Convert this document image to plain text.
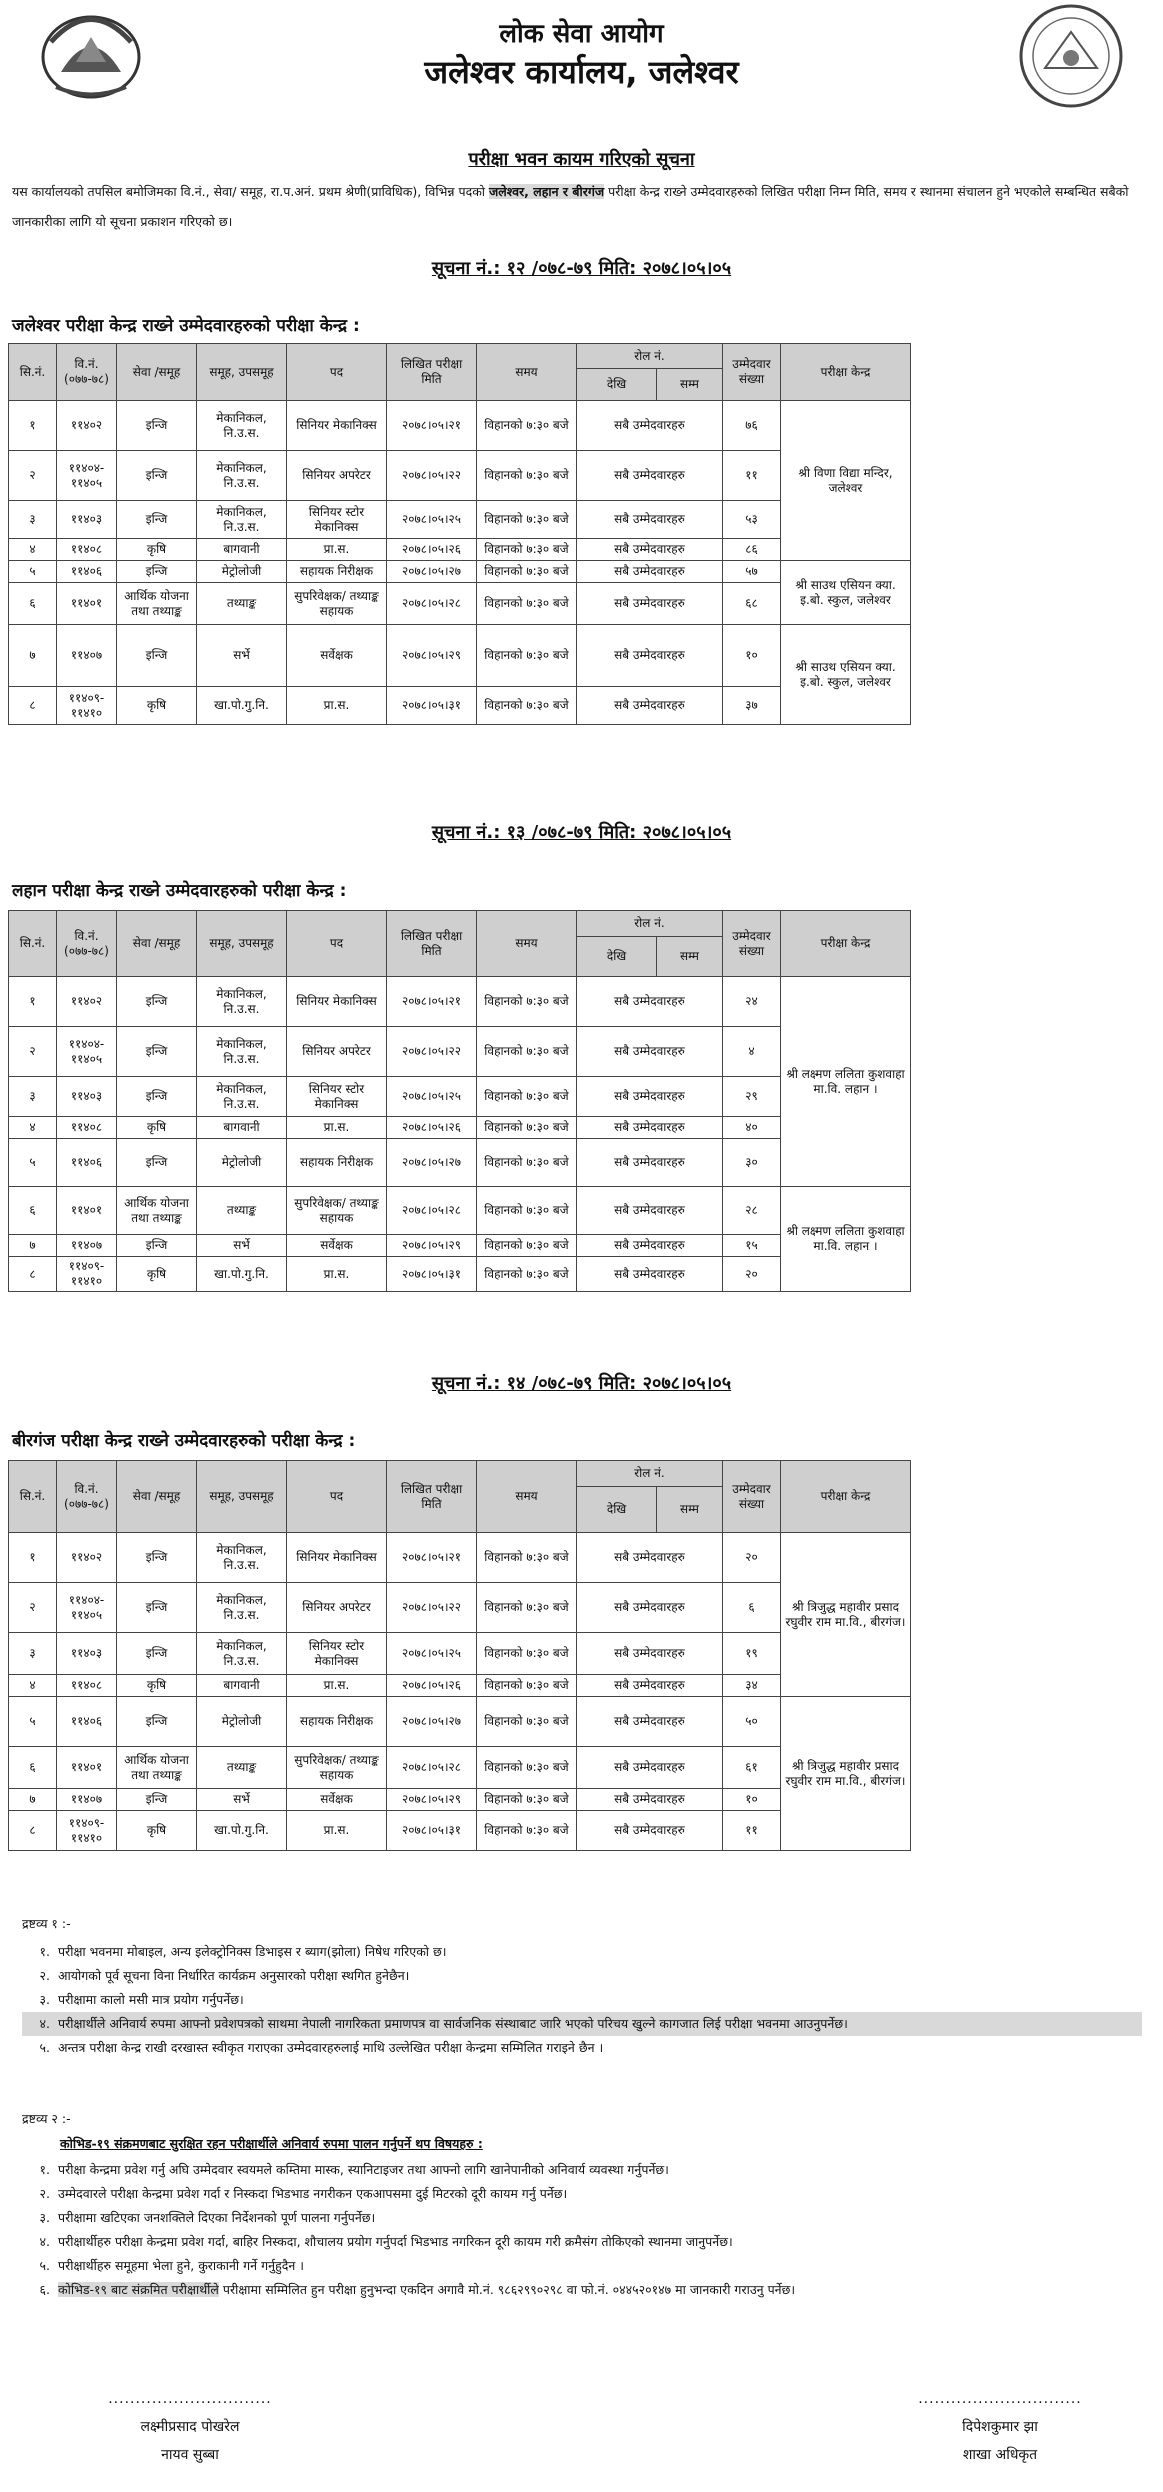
लोक सेवा आयोग
जलेश्वर कार्यालय, जलेश्वर
परीक्षा भवन कायम गरिएको सूचना
यस कार्यालयको तपसिल बमोजिमका वि.नं., सेवा/ समूह, रा.प.अनं. प्रथम श्रेणी(प्राविधिक), विभिन्न पदको जलेश्वर, लहान र बीरगंज परीक्षा केन्द्र राख्ने उम्मेदवारहरुको लिखित परीक्षा निम्न मिति, समय र स्थानमा संचालन हुने भएकोले सम्बन्धित सबैको जानकारीका लागि यो सूचना प्रकाशन गरिएको छ।
सूचना नं.: १२ /०७८-७९ मिति: २०७८।०५।०५
जलेश्वर परीक्षा केन्द्र राख्ने उम्मेदवारहरुको परीक्षा केन्द्र :
सि.नं.	वि.नं. (०७७-७८)	सेवा /समूह	समूह, उपसमूह	पद	लिखित परीक्षा मिति	समय	रोल नं.		उम्मेदवार संख्या	परीक्षा केन्द्र
							देखि	सम्म		
१	११४०२	इन्जि	मेकानिकल, नि.उ.स.	सिनियर मेकानिक्स	२०७८।०५।२१	विहानको ७:३० बजे	सबै उम्मेदवारहरु		७६	श्री विणा विद्या मन्दिर, जलेश्वर
२	११४०४- ११४०५	इन्जि	मेकानिकल, नि.उ.स.	सिनियर अपरेटर	२०७८।०५।२२	विहानको ७:३० बजे	सबै उम्मेदवारहरु		११	
३	११४०३	इन्जि	मेकानिकल, नि.उ.स.	सिनियर स्टोर मेकानिक्स	२०७८।०५।२५	विहानको ७:३० बजे	सबै उम्मेदवारहरु		५३	
४	११४०८	कृषि	बागवानी	प्रा.स.	२०७८।०५।२६	विहानको ७:३० बजे	सबै उम्मेदवारहरु		८६	
५	११४०६	इन्जि	मेट्रोलोजी	सहायक निरीक्षक	२०७८।०५।२७	विहानको ७:३० बजे	सबै उम्मेदवारहरु		५७	श्री साउथ एसियन क्या. इ.बो. स्कुल, जलेश्वर
६	११४०१	आर्थिक योजना तथा तथ्याङ्क	तथ्याङ्क	सुपरिवेक्षक/ तथ्याङ्क सहायक	२०७८।०५।२८	विहानको ७:३० बजे	सबै उम्मेदवारहरु		६८	
७	११४०७	इन्जि	सर्भे	सर्वेक्षक	२०७८।०५।२९	विहानको ७:३० बजे	सबै उम्मेदवारहरु		१०	श्री साउथ एसियन क्या. इ.बो. स्कुल, जलेश्वर
८	११४०९- ११४१०	कृषि	खा.पो.गु.नि.	प्रा.स.	२०७८।०५।३१	विहानको ७:३० बजे	सबै उम्मेदवारहरु		३७	
सूचना नं.: १३ /०७८-७९ मिति: २०७८।०५।०५
लहान परीक्षा केन्द्र राख्ने उम्मेदवारहरुको परीक्षा केन्द्र :
सि.नं.	वि.नं. (०७७-७८)	सेवा /समूह	समूह, उपसमूह	पद	लिखित परीक्षा मिति	समय	रोल नं.		उम्मेदवार संख्या	परीक्षा केन्द्र
							देखि	सम्म		
१	११४०२	इन्जि	मेकानिकल, नि.उ.स.	सिनियर मेकानिक्स	२०७८।०५।२१	विहानको ७:३० बजे	सबै उम्मेदवारहरु		२४	श्री लक्ष्मण ललिता कुशवाहा मा.वि. लहान ।
२	११४०४- ११४०५	इन्जि	मेकानिकल, नि.उ.स.	सिनियर अपरेटर	२०७८।०५।२२	विहानको ७:३० बजे	सबै उम्मेदवारहरु		४	
३	११४०३	इन्जि	मेकानिकल, नि.उ.स.	सिनियर स्टोर मेकानिक्स	२०७८।०५।२५	विहानको ७:३० बजे	सबै उम्मेदवारहरु		२९	
४	११४०८	कृषि	बागवानी	प्रा.स.	२०७८।०५।२६	विहानको ७:३० बजे	सबै उम्मेदवारहरु		४०	
५	११४०६	इन्जि	मेट्रोलोजी	सहायक निरीक्षक	२०७८।०५।२७	विहानको ७:३० बजे	सबै उम्मेदवारहरु		३०	
६	११४०१	आर्थिक योजना तथा तथ्याङ्क	तथ्याङ्क	सुपरिवेक्षक/ तथ्याङ्क सहायक	२०७८।०५।२८	विहानको ७:३० बजे	सबै उम्मेदवारहरु		२८	श्री लक्ष्मण ललिता कुशवाहा मा.वि. लहान ।
७	११४०७	इन्जि	सर्भे	सर्वेक्षक	२०७८।०५।२९	विहानको ७:३० बजे	सबै उम्मेदवारहरु		१५	
८	११४०९- ११४१०	कृषि	खा.पो.गु.नि.	प्रा.स.	२०७८।०५।३१	विहानको ७:३० बजे	सबै उम्मेदवारहरु		२०	
सूचना नं.: १४ /०७८-७९ मिति: २०७८।०५।०५
बीरगंज परीक्षा केन्द्र राख्ने उम्मेदवारहरुको परीक्षा केन्द्र :
सि.नं.	वि.नं. (०७७-७८)	सेवा /समूह	समूह, उपसमूह	पद	लिखित परीक्षा मिति	समय	रोल नं.		उम्मेदवार संख्या	परीक्षा केन्द्र
							देखि	सम्म		
१	११४०२	इन्जि	मेकानिकल, नि.उ.स.	सिनियर मेकानिक्स	२०७८।०५।२१	विहानको ७:३० बजे	सबै उम्मेदवारहरु		२०	श्री त्रिजुद्ध महावीर प्रसाद रघुवीर राम मा.वि., बीरगंज।
२	११४०४- ११४०५	इन्जि	मेकानिकल, नि.उ.स.	सिनियर अपरेटर	२०७८।०५।२२	विहानको ७:३० बजे	सबै उम्मेदवारहरु		६	
३	११४०३	इन्जि	मेकानिकल, नि.उ.स.	सिनियर स्टोर मेकानिक्स	२०७८।०५।२५	विहानको ७:३० बजे	सबै उम्मेदवारहरु		१९	
४	११४०८	कृषि	बागवानी	प्रा.स.	२०७८।०५।२६	विहानको ७:३० बजे	सबै उम्मेदवारहरु		३४	
५	११४०६	इन्जि	मेट्रोलोजी	सहायक निरीक्षक	२०७८।०५।२७	विहानको ७:३० बजे	सबै उम्मेदवारहरु		५०	श्री त्रिजुद्ध महावीर प्रसाद रघुवीर राम मा.वि., बीरगंज।
६	११४०१	आर्थिक योजना तथा तथ्याङ्क	तथ्याङ्क	सुपरिवेक्षक/ तथ्याङ्क सहायक	२०७८।०५।२८	विहानको ७:३० बजे	सबै उम्मेदवारहरु		६१	
७	११४०७	इन्जि	सर्भे	सर्वेक्षक	२०७८।०५।२९	विहानको ७:३० बजे	सबै उम्मेदवारहरु		१०	
८	११४०९- ११४१०	कृषि	खा.पो.गु.नि.	प्रा.स.	२०७८।०५।३१	विहानको ७:३० बजे	सबै उम्मेदवारहरु		११	
द्रष्टव्य १ :-
१. परीक्षा भवनमा मोबाइल, अन्य इलेक्ट्रोनिक्स डिभाइस र ब्याग(झोला) निषेध गरिएको छ।
२. आयोगको पूर्व सूचना विना निर्धारित कार्यक्रम अनुसारको परीक्षा स्थगित हुनेछैन।
३. परीक्षामा कालो मसी मात्र प्रयोग गर्नुपर्नेछ।
४. परीक्षार्थीले अनिवार्य रुपमा आफ्नो प्रवेशपत्रको साथमा नेपाली नागरिकता प्रमाणपत्र वा सार्वजनिक संस्थाबाट जारि भएको परिचय खुल्ने कागजात लिई परीक्षा भवनमा आउनुपर्नेछ।
५. अन्तत्र परीक्षा केन्द्र राखी दरखास्त स्वीकृत गराएका उम्मेदवारहरुलाई माथि उल्लेखित परीक्षा केन्द्रमा सम्मिलित गराइने छैन ।
द्रष्टव्य २ :-
कोभिड-१९ संक्रमणबाट सुरक्षित रहन परीक्षार्थीले अनिवार्य रुपमा पालन गर्नुपर्ने थप विषयहरु :
१. परीक्षा केन्द्रमा प्रवेश गर्नु अघि उम्मेदवार स्वयमले कम्तिमा मास्क, स्यानिटाइजर तथा आफ्नो लागि खानेपानीको अनिवार्य व्यवस्था गर्नुपर्नेछ।
२. उम्मेदवारले परीक्षा केन्द्रमा प्रवेश गर्दा र निस्कदा भिडभाड नगरीकन एकआपसमा दुई मिटरको दूरी कायम गर्नु पर्नेछ।
३. परीक्षामा खटिएका जनशक्तिले दिएका निर्देशनको पूर्ण पालना गर्नुपर्नेछ।
४. परीक्षार्थीहरु परीक्षा केन्द्रमा प्रवेश गर्दा, बाहिर निस्कदा, शौचालय प्रयोग गर्नुपर्दा भिडभाड नगरिकन दूरी कायम गरी क्रमैसंग तोकिएको स्थानमा जानुपर्नेछ।
५. परीक्षार्थीहरु समूहमा भेला हुने, कुराकानी गर्ने गर्नुहुदैन ।
६. कोभिड-१९ बाट संक्रमित परीक्षार्थीले परीक्षामा सम्मिलित हुन परीक्षा हुनुभन्दा एकदिन अगावै मो.नं. ९८६२९९०२९८ वा फो.नं. ०४४५२०१४७ मा जानकारी गराउनु पर्नेछ।
..............................
लक्ष्मीप्रसाद पोखरेल
नायव सुब्बा
..............................
दिपेशकुमार झा
शाखा अधिकृत
